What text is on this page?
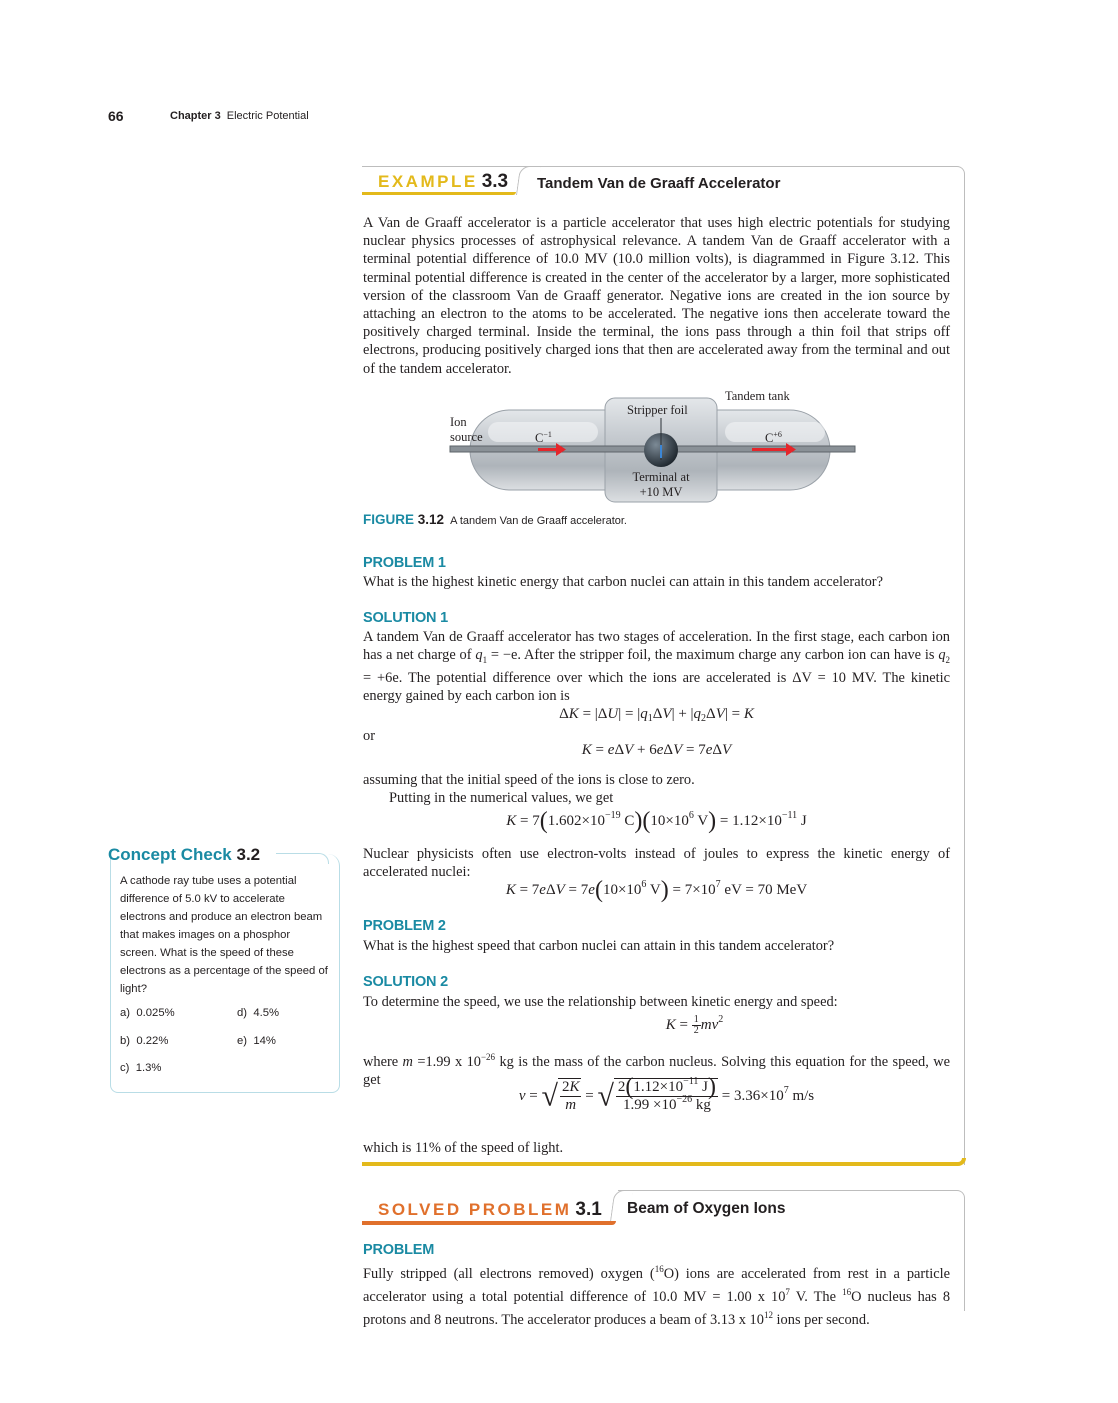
66	Chapter 3 Electric Potential
EXAMPLE 3.3 Tandem Van de Graaff Accelerator
A Van de Graaff accelerator is a particle accelerator that uses high electric potentials for studying nuclear physics processes of astrophysical relevance. A tandem Van de Graaff accelerator with a terminal potential difference of 10.0 MV (10.0 million volts), is diagrammed in Figure 3.12. This terminal potential difference is created in the center of the accelerator by a larger, more sophisticated version of the classroom Van de Graaff generator. Negative ions are created in the ion source by attaching an electron to the atoms to be accelerated. The negative ions then accelerate toward the positively charged terminal. Inside the terminal, the ions pass through a thin foil that strips off electrons, producing positively charged ions that then are accelerated away from the terminal and out of the tandem accelerator.
Tandem tank
Stripper foil
Ion
source	$C^{-1}$	$C^{+6}$
Terminal at
+10 MV
FIGURE 3.12 A tandem Van de Graaff accelerator.
PROBLEM 1
What is the highest kinetic energy that carbon nuclei can attain in this tandem accelerator?
SOLUTION 1
A tandem Van de Graaff accelerator has two stages of acceleration. In the first stage, each carbon ion has a net charge of $q_1 = -e$. After the stripper foil, the maximum charge any carbon ion can have is $q_2 = +6e$. The potential difference over which the ions are accelerated is ΔV = 10 MV. The kinetic energy gained by each carbon ion is
$\Delta K = |\Delta U| = |q_1\Delta V| + |q_2\Delta V| = K$
or
K = eΔV + 6eΔV = 7eΔV
assuming that the initial speed of the ions is close to zero.
Putting in the numerical values, we get
$K = 7(1.602\times 10^{-19}$ $C)(10\times 10^6$ $V) = 1.12\times 10^{-11}$ J
Nuclear physicists often use electron-volts instead of joules to express the kinetic energy of accelerated nuclei:
$K = 7e\Delta V = 7e(10\times 10^6$ $V) = 7\times 10^7$ eV = 70 MeV
PROBLEM 2
What is the highest speed that carbon nuclei can attain in this tandem accelerator?
SOLUTION 2
To determine the speed, we use the relationship between kinetic energy and speed:
$K = \frac{1}{2} mv^2$
where m =1.99 x $10^{-26}$ kg is the mass of the carbon nucleus. Solving this equation for the speed, we get
v = √ $\frac{2K}{m}$ = √ $\frac{2(1.12\times 10^{-11} J)}{1.99 \times 10^{-26} kg} = 3.36\times 10^7$ m/s
which is 11% of the speed of light.
Concept Check 3.2
A cathode ray tube uses a potential difference of 5.0 kV to accelerate electrons and produce an electron beam that makes images on a phosphor screen. What is the speed of these electrons as a percentage of the speed of light?
a) 0.025%
b) 0.22%
c) 1.3%
d) 4.5%
e) 14%
SOLVED PROBLEM 3.1 Beam of Oxygen Ions
PROBLEM
Fully stripped (all electrons removed) oxygen ($^{16}$O) ions are accelerated from rest in a particle accelerator using a total potential difference of 10.0 MV = 1.00 x $10^7$ V. The $^{16}$O nucleus has 8 protons and 8 neutrons. The accelerator produces a beam of 3.13 x $10^{12}$ ions per second.
